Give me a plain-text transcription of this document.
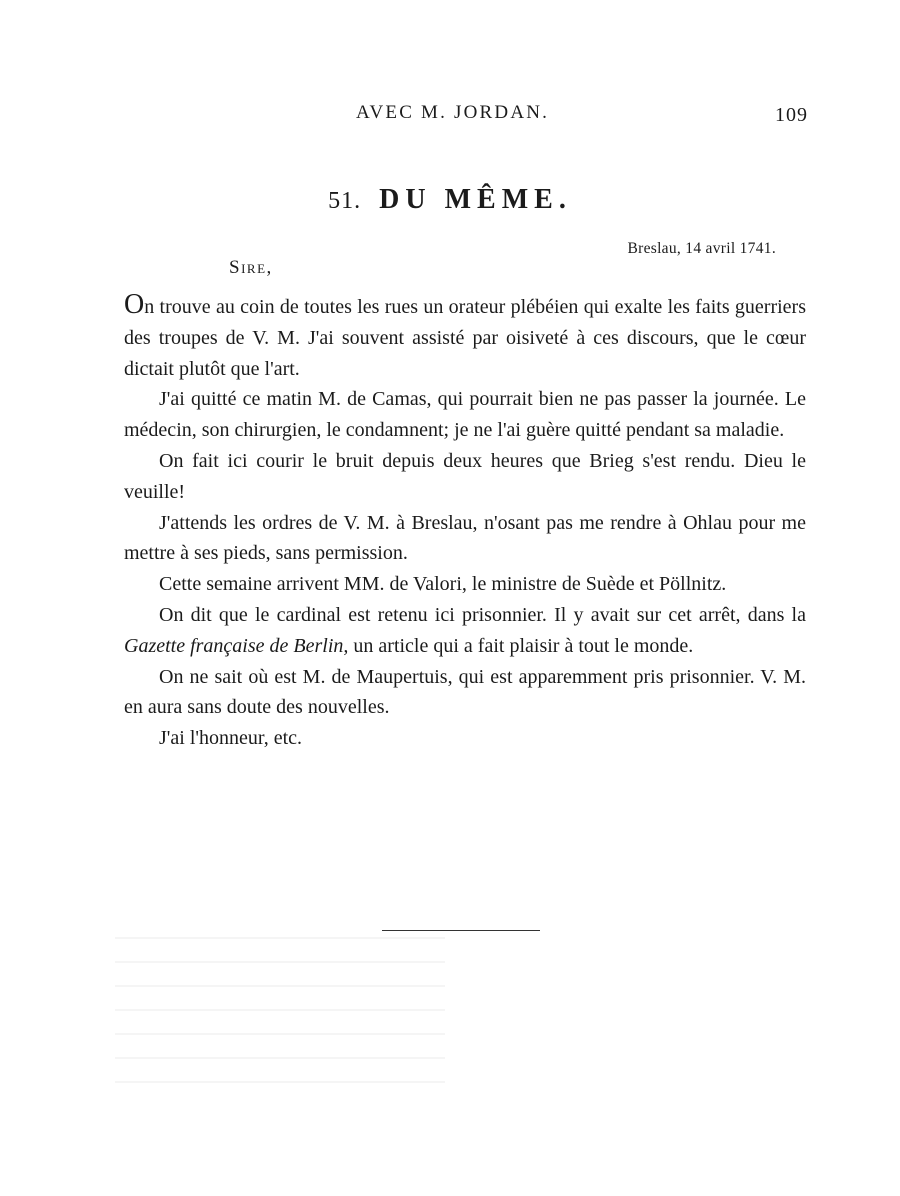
AVEC M. JORDAN.	109
51. DU MÊME.
Breslau, 14 avril 1741.
Sire,

On trouve au coin de toutes les rues un orateur plébéien qui exalte les faits guerriers des troupes de V. M. J'ai souvent assisté par oisiveté à ces discours, que le cœur dictait plutôt que l'art.

J'ai quitté ce matin M. de Camas, qui pourrait bien ne pas passer la journée. Le médecin, son chirurgien, le condamnent; je ne l'ai guère quitté pendant sa maladie.

On fait ici courir le bruit depuis deux heures que Brieg s'est rendu. Dieu le veuille!

J'attends les ordres de V. M. à Breslau, n'osant pas me rendre à Ohlau pour me mettre à ses pieds, sans permission.

Cette semaine arrivent MM. de Valori, le ministre de Suède et Pöllnitz.

On dit que le cardinal est retenu ici prisonnier. Il y avait sur cet arrêt, dans la Gazette française de Berlin, un article qui a fait plaisir à tout le monde.

On ne sait où est M. de Maupertuis, qui est apparemment pris prisonnier. V. M. en aura sans doute des nouvelles.

J'ai l'honneur, etc.
